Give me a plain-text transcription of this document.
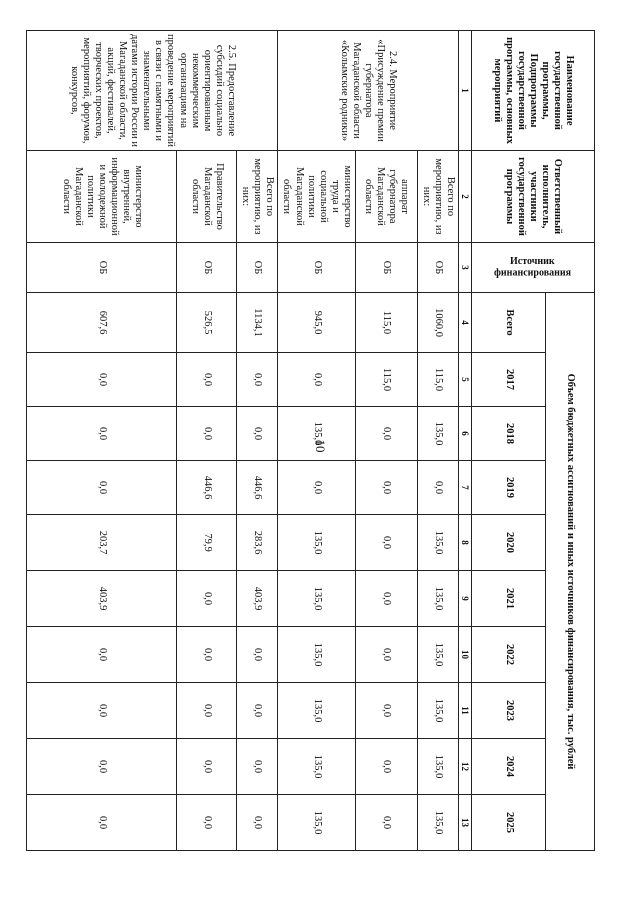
10
Наименование государственной программы, Подпрограммы государственной программы, основных мероприятий	Ответственный исполнитель, участники государственной программы	Источник финансирования	Объем бюджетных ассигнований и иных источников финансирования, тыс. рублей									
			Всего	2017	2018	2019	2020	2021	2022	2023	2024	2025
1	2	3	4	5	6	7	8	9	10	11	12	13
2.4. Мероприятие «Присуждение премии губернатора Магаданской области «Колымские родники»	Всего по мероприятию, из них:	ОБ	1060,0	115,0	135,0	0,0	135,0	135,0	135,0	135,0	135,0	135,0
	аппарат губернатора Магаданской области	ОБ	115,0	115,0	0,0	0,0	0,0	0,0	0,0	0,0	0,0	0,0
	министерство труда и социальной политики Магаданской области	ОБ	945,0	0,0	135,0	0,0	135,0	135,0	135,0	135,0	135,0	135,0
2.5. Предоставление субсидий социально ориентированным некоммерческим организациям на проведение мероприятий в связи с памятными и знаменательными датами истории России и Магаданской области, акций, фестивалей, творческих проектов, мероприятий, форумов, конкурсов,	Всего по мероприятию, из них:	ОБ	1134,1	0,0	0,0	446,6	283,6	403,9	0,0	0,0	0,0	0,0
	Правительство Магаданской области	ОБ	526,5	0,0	0,0	446,6	79,9	0,0	0,0	0,0	0,0	0,0
	министерство внутренней, информационной и молодежной политики Магаданской области	ОБ	607,6	0,0	0,0	0,0	203,7	403,9	0,0	0,0	0,0	0,0
